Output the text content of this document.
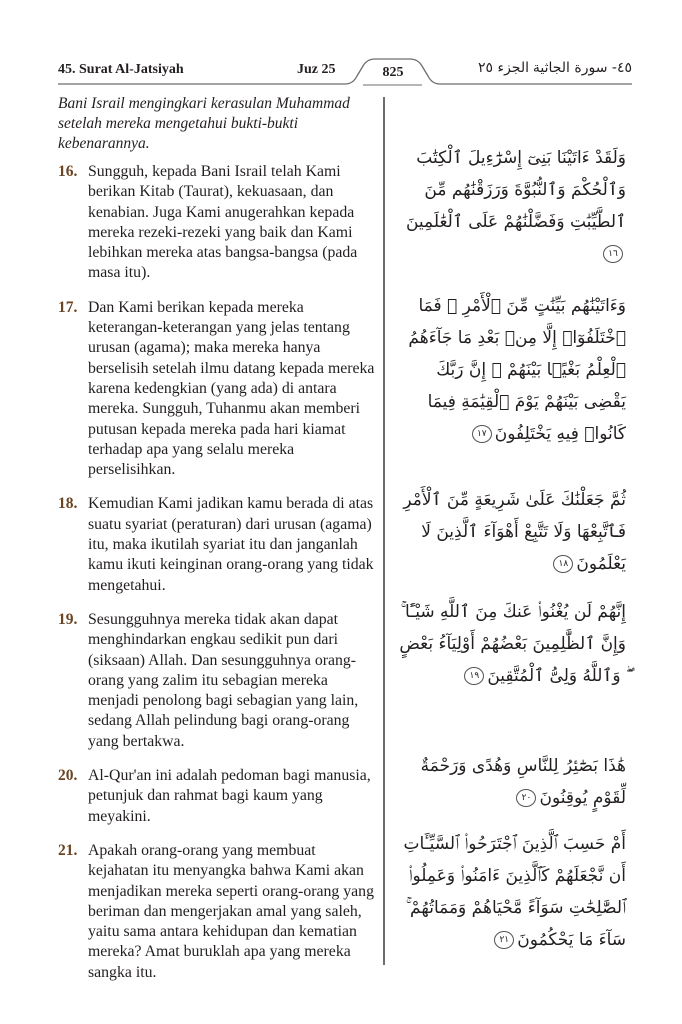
45. Surat Al-Jatsiyah	Juz 25	825	الجزء ٢٥ ٤٥- سورة الجاثية

Bani Israil mengingkari kerasulan Muhammad setelah mereka mengetahui bukti-bukti kebenarannya.

16. Sungguh, kepada Bani Israil telah Kami berikan Kitab (Taurat), kekuasaan, dan kenabian. Juga Kami anugerahkan kepada mereka rezeki-rezeki yang baik dan Kami lebihkan mereka atas bangsa-bangsa (pada masa itu).
17. Dan Kami berikan kepada mereka keterangan-keterangan yang jelas tentang urusan (agama); maka mereka hanya berselisih setelah ilmu datang kepada mereka karena kedengkian (yang ada) di antara mereka. Sungguh, Tuhanmu akan memberi putusan kepada mereka pada hari kiamat terhadap apa yang selalu mereka perselisihkan.
18. Kemudian Kami jadikan kamu berada di atas suatu syariat (peraturan) dari urusan (agama) itu, maka ikutilah syariat itu dan janganlah kamu ikuti keinginan orang-orang yang tidak mengetahui.
19. Sesungguhnya mereka tidak akan dapat menghindarkan engkau sedikit pun dari (siksaan) Allah. Dan sesungguhnya orang-orang yang zalim itu sebagian mereka menjadi penolong bagi sebagian yang lain, sedang Allah pelindung bagi orang-orang yang bertakwa.
20. Al-Qur'an ini adalah pedoman bagi manusia, petunjuk dan rahmat bagi kaum yang meyakini.
21. Apakah orang-orang yang membuat kejahatan itu menyangka bahwa Kami akan menjadikan mereka seperti orang-orang yang beriman dan mengerjakan amal yang saleh, yaitu sama antara kehidupan dan kematian mereka? Amat buruklah apa yang mereka sangka itu.
وَلَقَدْ ءَاتَيْنَا بَنِىٓ إِسْرَٰٓءِيلَ ٱلْكِتَٰبَ وَٱلْحُكْمَ وَٱلنُّبُوَّةَ وَرَزَقْنَٰهُم مِّنَ ٱلطَّيِّبَٰتِ وَفَضَّلْنَٰهُمْ عَلَى ٱلْعَٰلَمِينَ١٦
وَءَاتَيْنَٰهُم بَيِّنَٰتٍ مِّنَ ٱلْأَمْرِ ۖ فَمَا ٱخْتَلَفُوٓا۟ إِلَّا مِنۢ بَعْدِ مَا جَآءَهُمُ ٱلْعِلْمُ بَغْيًۢا بَيْنَهُمْ ۚ إِنَّ رَبَّكَ يَقْضِى بَيْنَهُمْ يَوْمَ ٱلْقِيَٰمَةِ فِيمَا كَانُوا۟ فِيهِ يَخْتَلِفُونَ١٧
ثُمَّ جَعَلْنَٰكَ عَلَىٰ شَرِيعَةٍ مِّنَ ٱلْأَمْرِ فَٱتَّبِعْهَا وَلَا تَتَّبِعْ أَهْوَآءَ ٱلَّذِينَ لَا يَعْلَمُونَ١٨
إِنَّهُمْ لَن يُغْنُوا۟ عَنكَ مِنَ ٱللَّهِ شَيْـًٔا ۚ وَإِنَّ ٱلظَّٰلِمِينَ بَعْضُهُمْ أَوْلِيَآءُ بَعْضٍ ۖ وَٱللَّهُ وَلِىُّ ٱلْمُتَّقِينَ١٩
هَٰذَا بَصَٰٓئِرُ لِلنَّاسِ وَهُدًى وَرَحْمَةٌ لِّقَوْمٍ يُوقِنُونَ٢٠
أَمْ حَسِبَ ٱلَّذِينَ ٱجْتَرَحُوا۟ ٱلسَّيِّـَٔاتِ أَن نَّجْعَلَهُمْ كَٱلَّذِينَ ءَامَنُوا۟ وَعَمِلُوا۟ ٱلصَّٰلِحَٰتِ سَوَآءً مَّحْيَاهُمْ وَمَمَاتُهُمْ ۚ سَآءَ مَا يَحْكُمُونَ٢١
